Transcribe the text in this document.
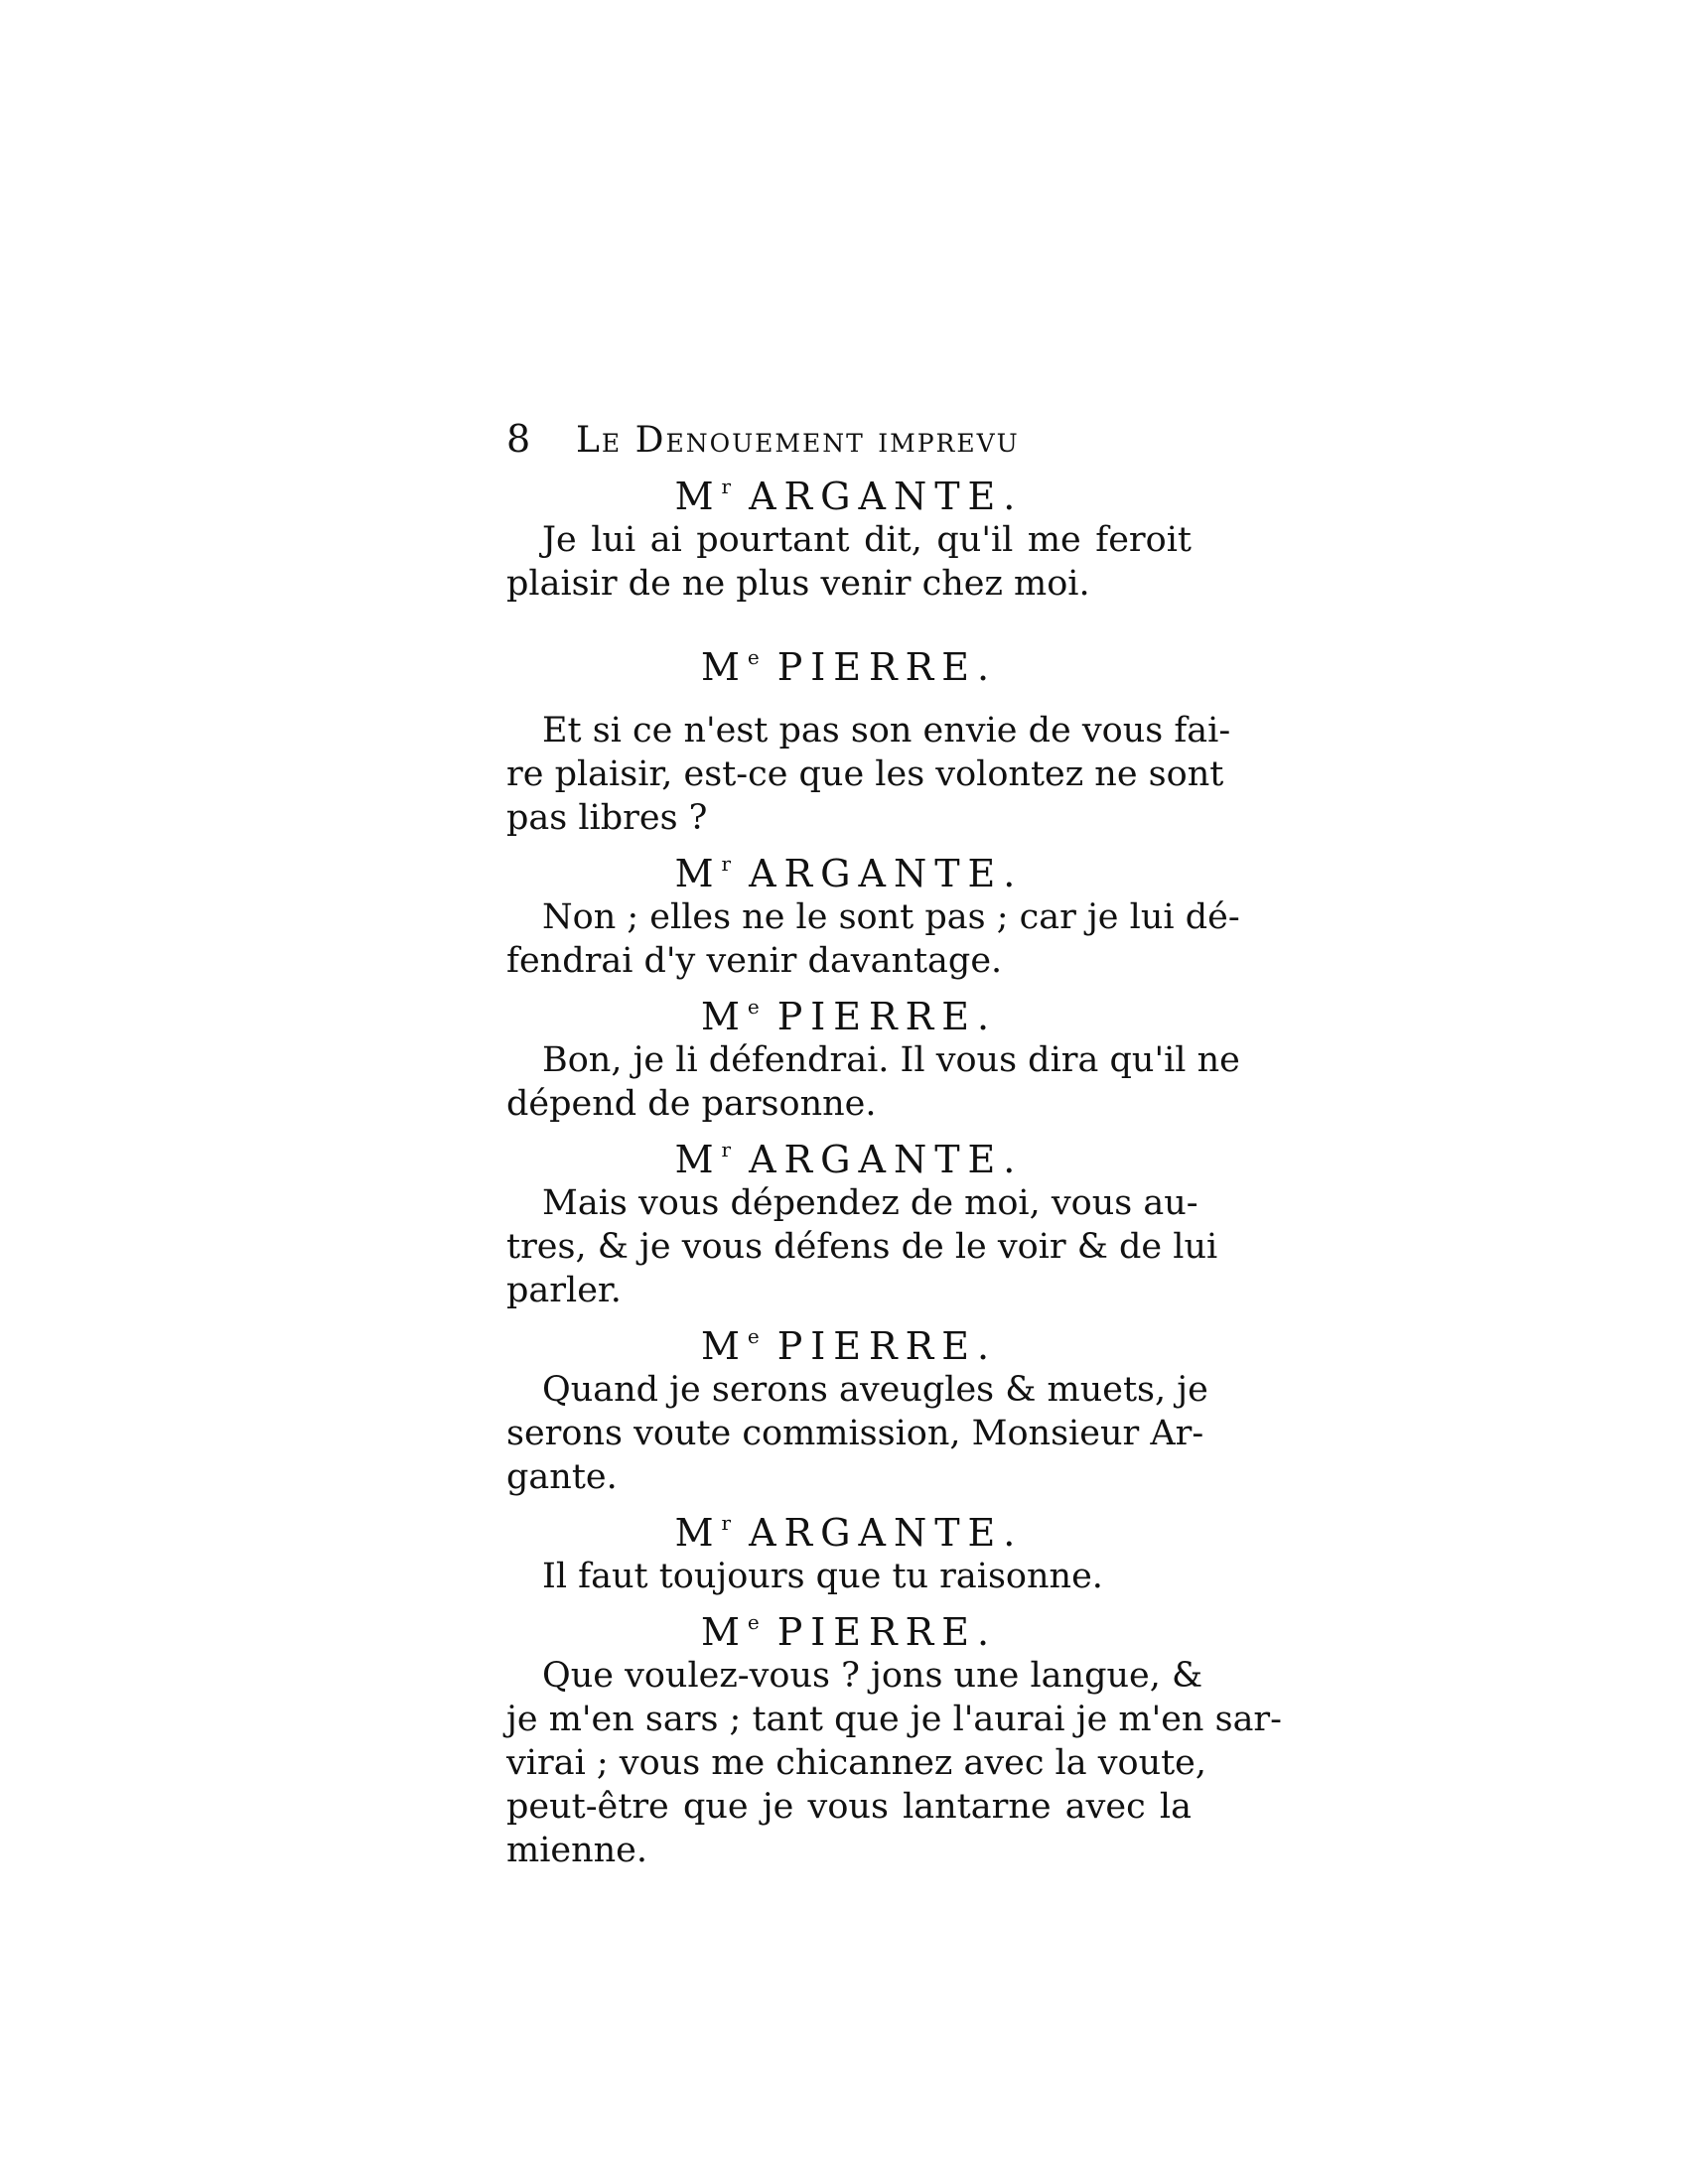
8	Le Denouement imprevu
$M^r$ ARGANTE.
Je lui ai pourtant dit, qu'il me feroit
plaisir de ne plus venir chez moi.
Me PIERRE.
Et si ce n'est pas son envie de vous fai-
re plaisir, est-ce que les volontez ne sont
pas libres ?
$M^r$ ARGANTE.
Non ; elles ne le sont pas ; car je lui dé-
fendrai d'y venir davantage.
Me PIERRE.
Bon, je li défendrai. Il vous dira qu'il ne
dépend de parsonne.
$M^r$ ARGANTE.
Mais vous dépendez de moi, vous au-
tres, & je vous défens de le voir & de lui
parler.
Me PIERRE.
Quand je serons aveugles & muets, je
serons voute commission, Monsieur Ar-
gante.
$M^r$ ARGANTE.
Il faut toujours que tu raisonne.
Me PIERRE.
Que voulez-vous ? jons une langue, &
je m'en sars ; tant que je l'aurai je m'en sar-
virai ; vous me chicannez avec la voute,
peut-être que je vous lantarne avec la
mienne.
